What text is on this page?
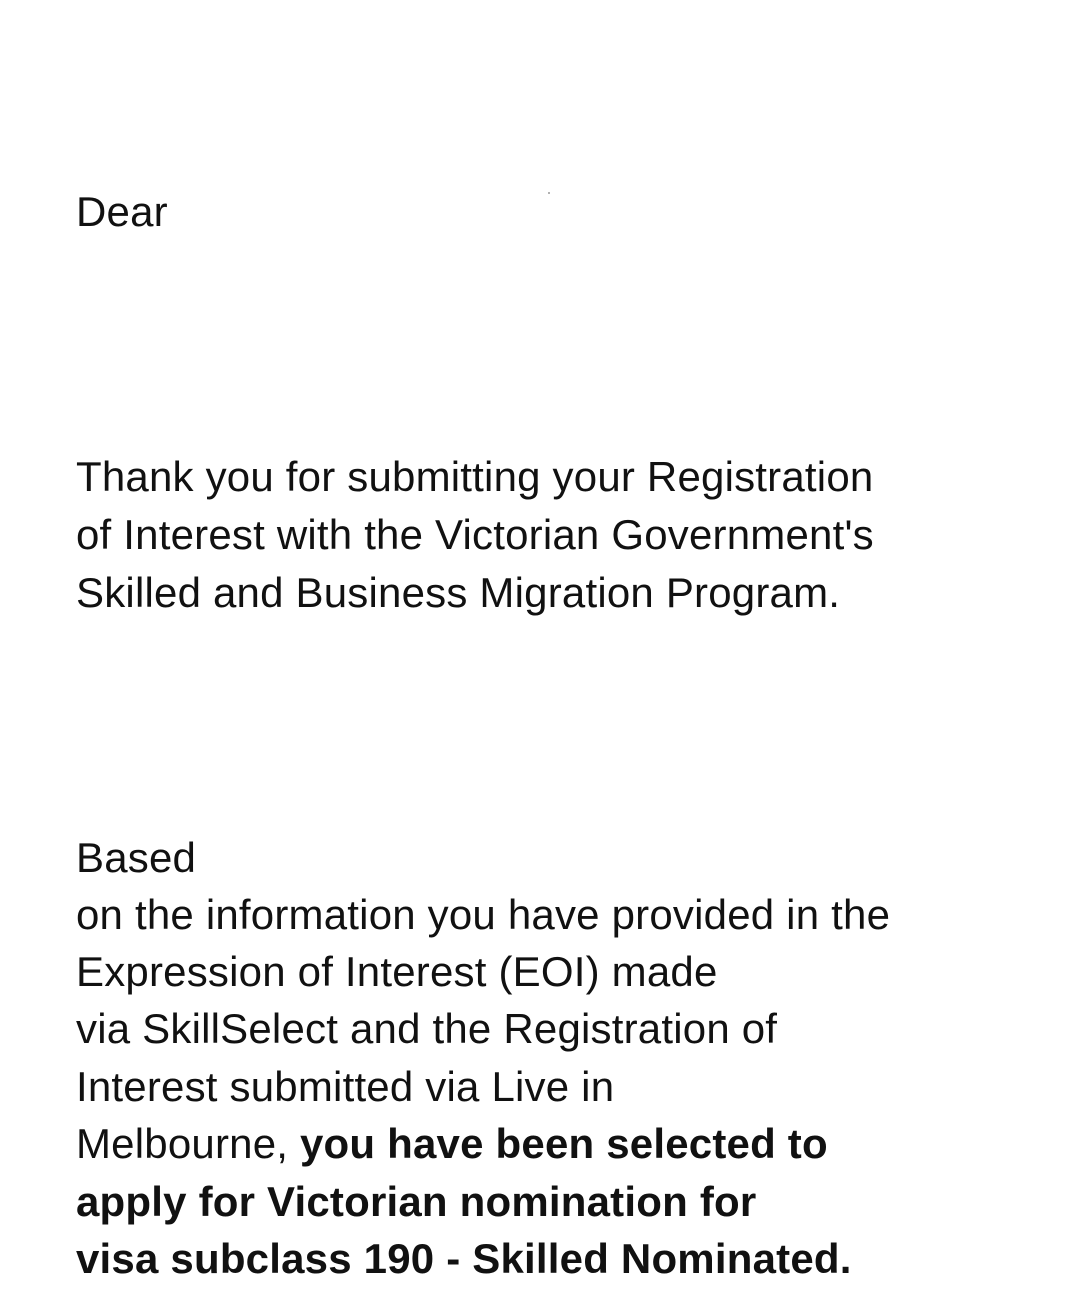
Dear
Thank you for submitting your Registration
of Interest with the Victorian Government's
Skilled and Business Migration Program.
Based
on the information you have provided in the
Expression of Interest (EOI) made
via SkillSelect and the Registration of
Interest submitted via Live in
Melbourne, you have been selected to
apply for Victorian nomination for
visa subclass 190 - Skilled Nominated.
